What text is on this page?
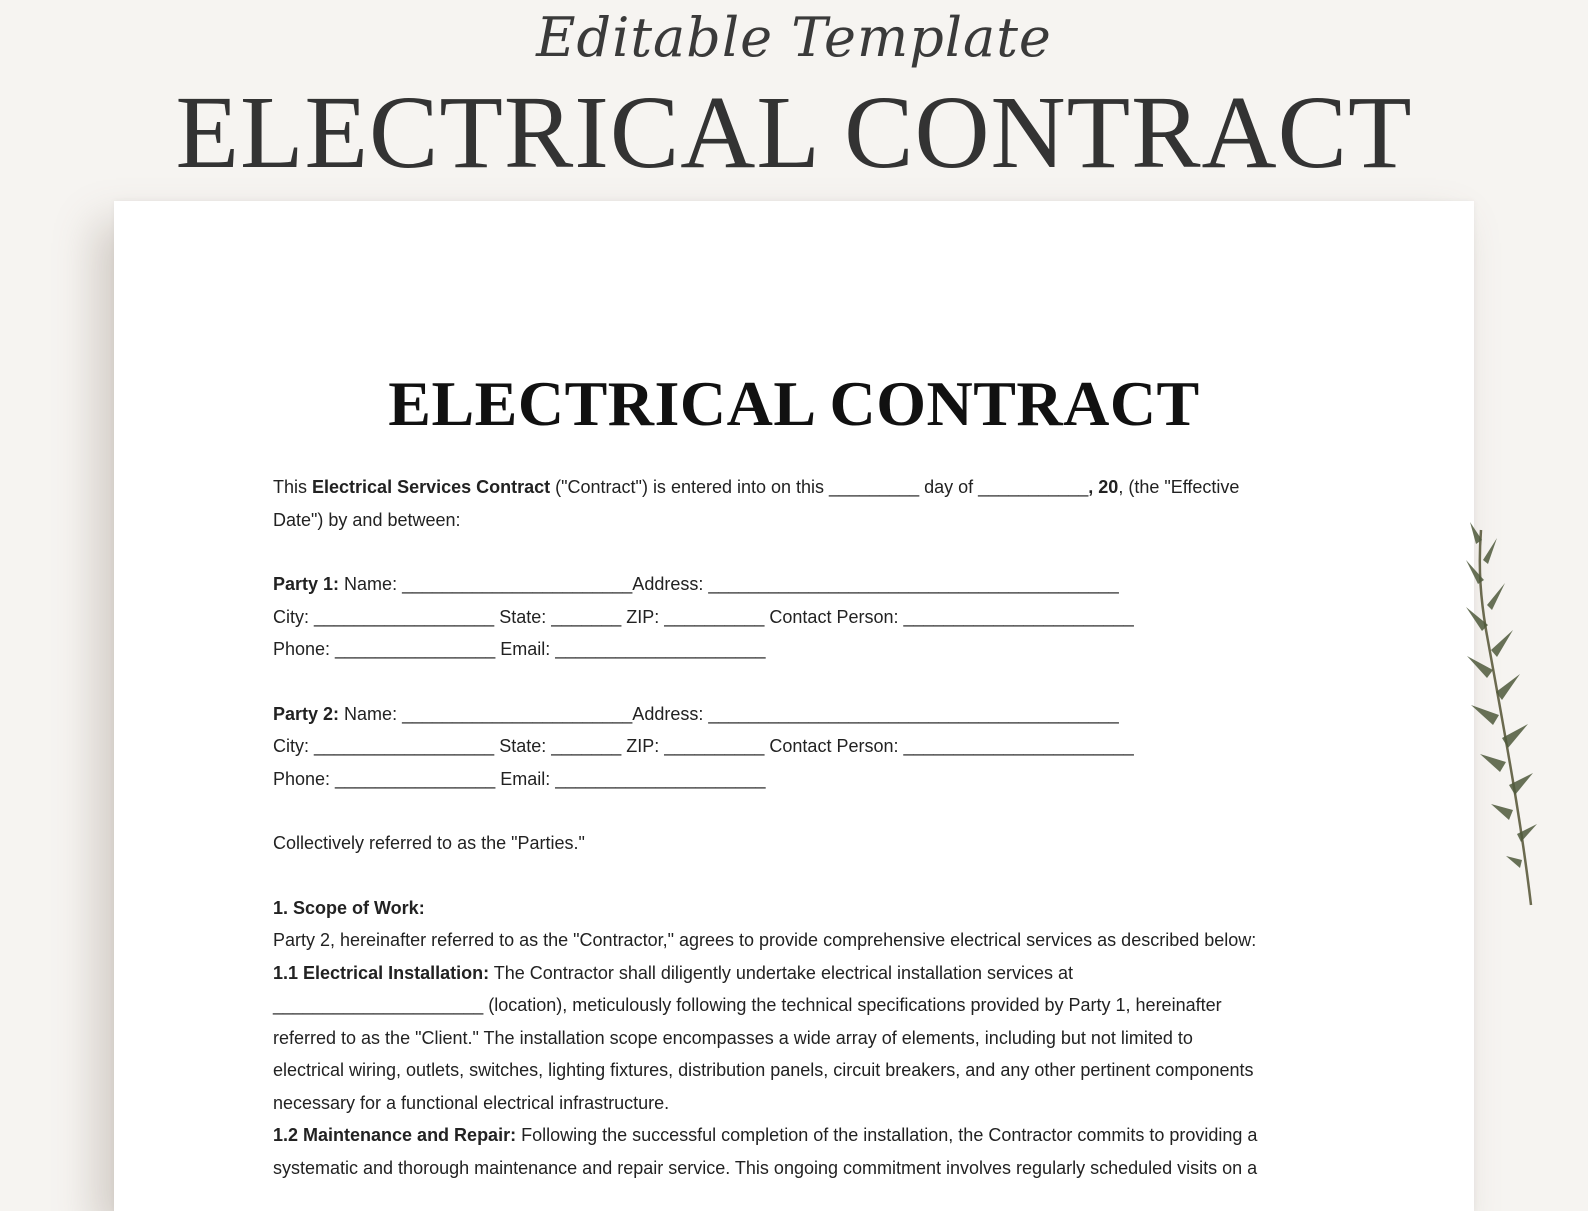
Editable Template
ELECTRICAL CONTRACT
ELECTRICAL CONTRACT

This Electrical Services Contract ("Contract") is entered into on this _________ day of ___________, 20, (the "Effective

Date") by and between:

Party 1: Name: _______________________Address: _________________________________________

City: __________________ State: _______ ZIP: __________ Contact Person: _______________________

Phone: ________________ Email: _____________________

Party 2: Name: _______________________Address: _________________________________________

City: __________________ State: _______ ZIP: __________ Contact Person: _______________________

Phone: ________________ Email: _____________________

Collectively referred to as the "Parties."

1. Scope of Work:

Party 2, hereinafter referred to as the "Contractor," agrees to provide comprehensive electrical services as described below:

1.1 Electrical Installation: The Contractor shall diligently undertake electrical installation services at

_____________________ (location), meticulously following the technical specifications provided by Party 1, hereinafter

referred to as the "Client." The installation scope encompasses a wide array of elements, including but not limited to

electrical wiring, outlets, switches, lighting fixtures, distribution panels, circuit breakers, and any other pertinent components

necessary for a functional electrical infrastructure.

1.2 Maintenance and Repair: Following the successful completion of the installation, the Contractor commits to providing a

systematic and thorough maintenance and repair service. This ongoing commitment involves regularly scheduled visits on a
